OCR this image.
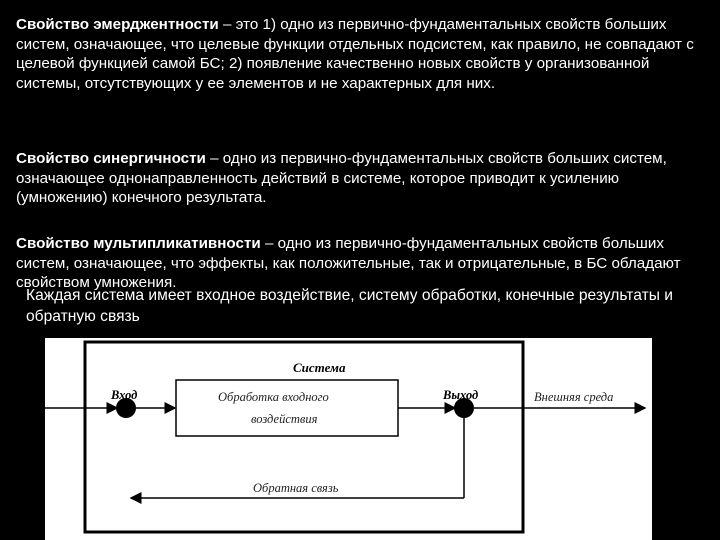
Свойство эмерджентности – это 1) одно из первично-фундаментальных свойств больших систем, означающее, что целевые функции отдельных подсистем, как правило, не совпадают с целевой функцией самой БС; 2) появление качественно новых свойств у организованной системы, отсутствующих у ее элементов и не характерных для них.

Свойство синергичности – одно из первично-фундаментальных свойств больших систем, означающее однонаправленность действий в системе, которое приводит к усилению (умножению) конечного результата.

Свойство мультипликативности – одно из первично-фундаментальных свойств больших систем, означающее, что эффекты, как положительные, так и отрицательные, в БС обладают свойством умножения.

Каждая система имеет входное воздействие, систему обработки, конечные результаты и обратную связь

Система
Вход	Обработка входного
воздействия
Выход	Внешняя среда
Обратная связь
